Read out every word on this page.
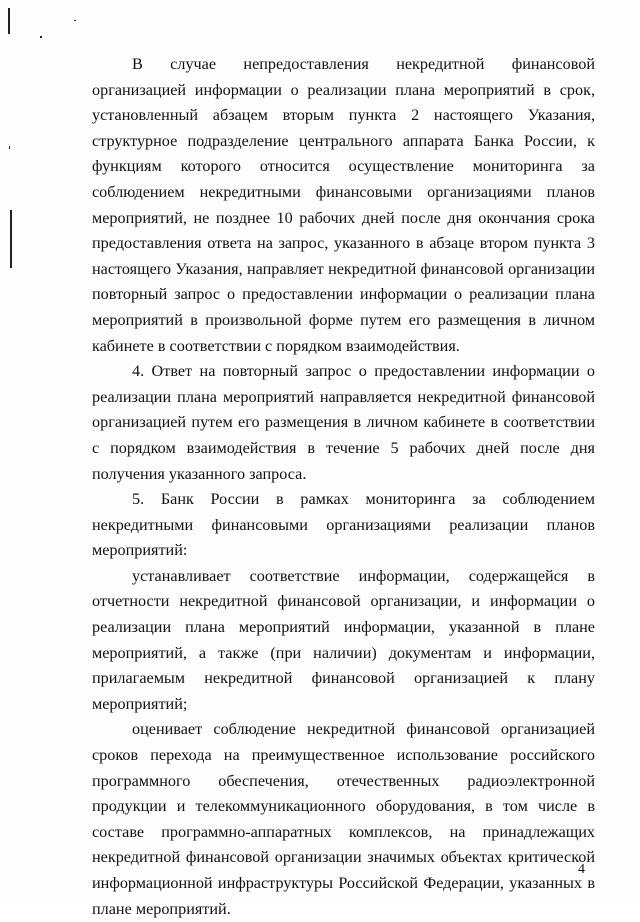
В случае непредоставления некредитной финансовой организацией информации о реализации плана мероприятий в срок, установленный абзацем вторым пункта 2 настоящего Указания, структурное подразделение центрального аппарата Банка России, к функциям которого относится осуществление мониторинга за соблюдением некредитными финансовыми организациями планов мероприятий, не позднее 10 рабочих дней после дня окончания срока предоставления ответа на запрос, указанного в абзаце втором пункта 3 настоящего Указания, направляет некредитной финансовой организации повторный запрос о предоставлении информации о реализации плана мероприятий в произвольной форме путем его размещения в личном кабинете в соответствии с порядком взаимодействия.

4. Ответ на повторный запрос о предоставлении информации о реализации плана мероприятий направляется некредитной финансовой организацией путем его размещения в личном кабинете в соответствии с порядком взаимодействия в течение 5 рабочих дней после дня получения указанного запроса.

5. Банк России в рамках мониторинга за соблюдением некредитными финансовыми организациями реализации планов мероприятий:

устанавливает соответствие информации, содержащейся в отчетности некредитной финансовой организации, и информации о реализации плана мероприятий информации, указанной в плане мероприятий, а также (при наличии) документам и информации, прилагаемым некредитной финансовой организацией к плану мероприятий;

оценивает соблюдение некредитной финансовой организацией сроков перехода на преимущественное использование российского программного обеспечения, отечественных радиоэлектронной продукции и телекоммуникационного оборудования, в том числе в составе программно-аппаратных комплексов, на принадлежащих некредитной финансовой организации значимых объектах критической информационной инфраструктуры Российской Федерации, указанных в плане мероприятий.

4
